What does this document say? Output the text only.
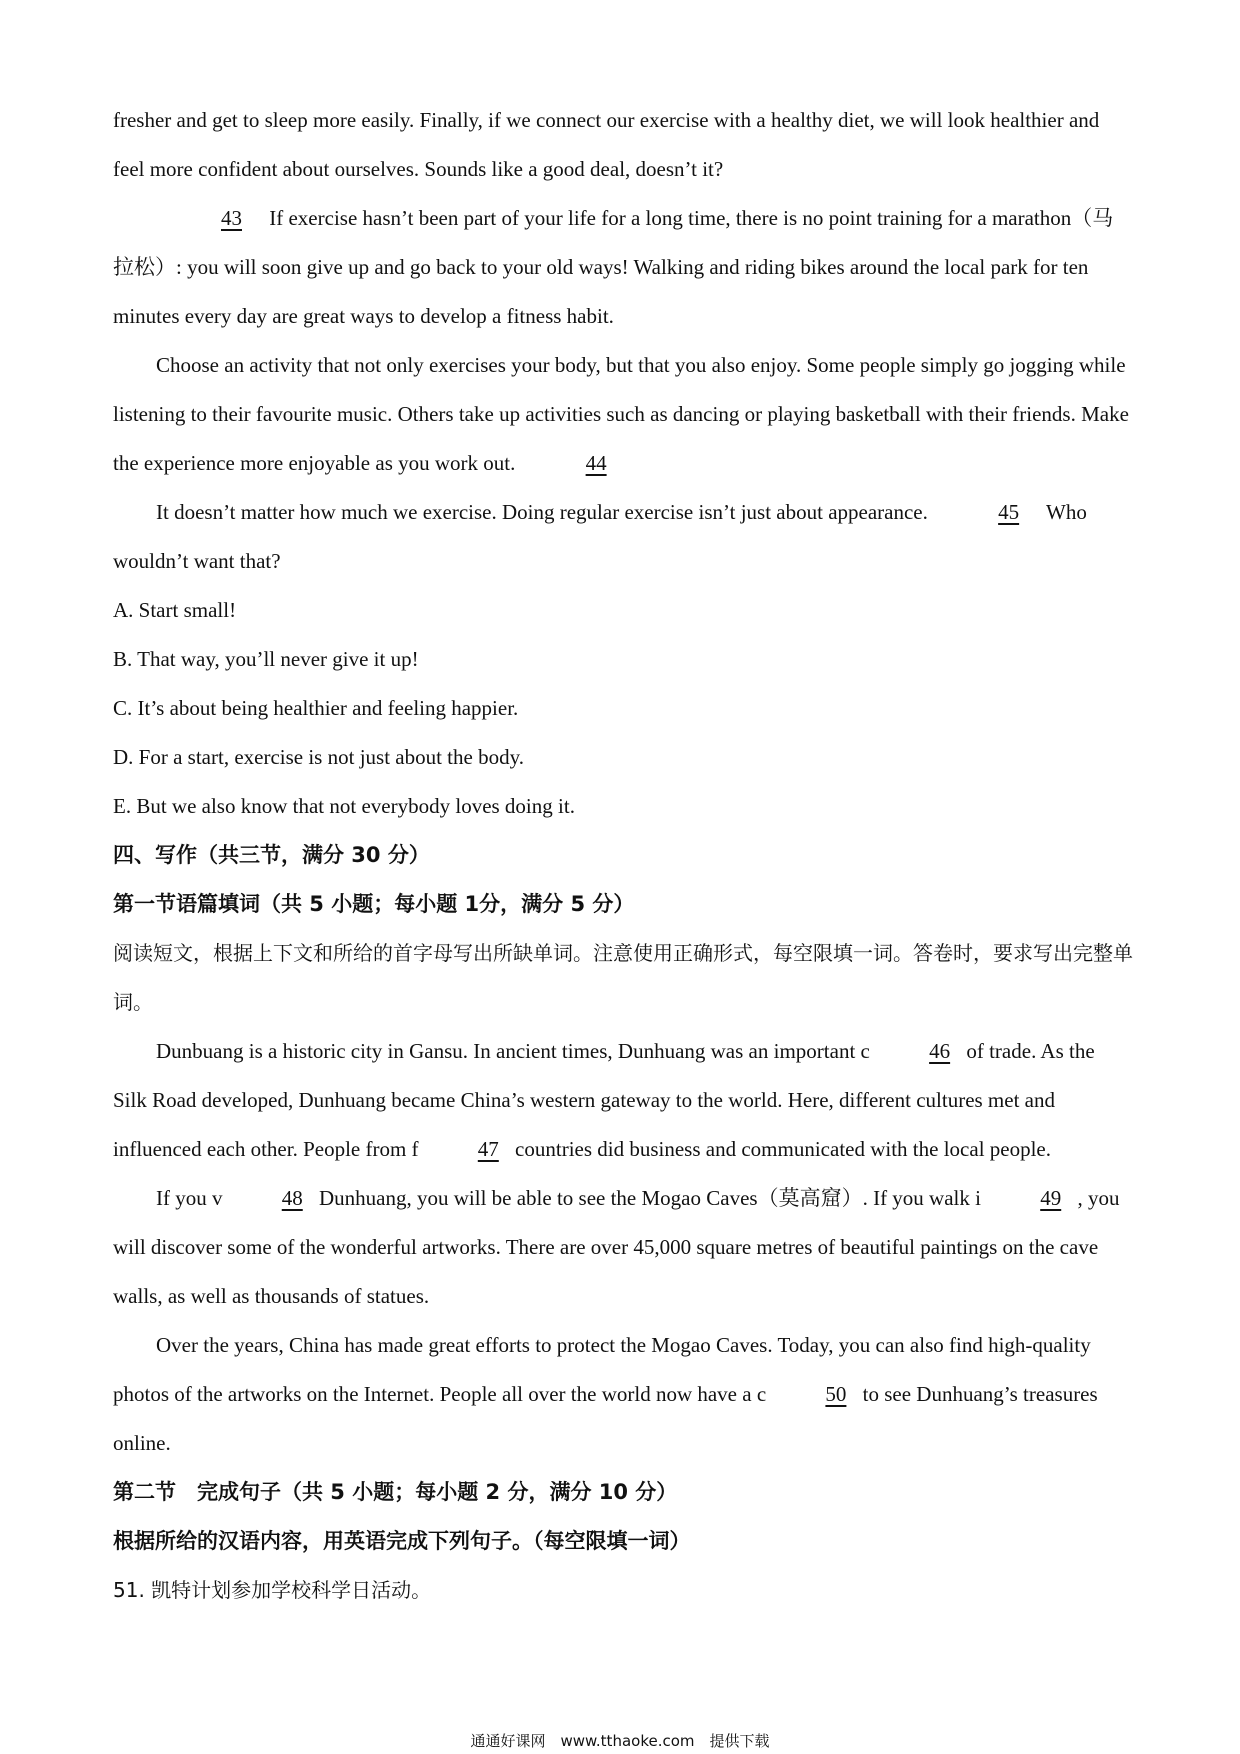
fresher and get to sleep more easily. Finally, if we connect our exercise with a healthy diet, we will look healthier and feel more confident about ourselves. Sounds like a good deal, doesn’t it?

43 If exercise hasn’t been part of your life for a long time, there is no point training for a marathon（马拉松）: you will soon give up and go back to your old ways! Walking and riding bikes around the local park for ten minutes every day are great ways to develop a fitness habit.

Choose an activity that not only exercises your body, but that you also enjoy. Some people simply go jogging while listening to their favourite music. Others take up activities such as dancing or playing basketball with their friends. Make the experience more enjoyable as you work out.	44

It doesn’t matter how much we exercise. Doing regular exercise isn’t just about appearance.	45 Who wouldn’t want that?

A. Start small!

B. That way, you’ll never give it up!

C. It’s about being healthier and feeling happier.

D. For a start, exercise is not just about the body.

E. But we also know that not everybody loves doing it.

四、写作（共三节，满分 30 分）

第一节语篇填词（共 5 小题；每小题 1分，满分 5 分）

阅读短文，根据上下文和所给的首字母写出所缺单词。注意使用正确形式，每空限填一词。答卷时，要求写出完整单词。

Dunbuang is a historic city in Gansu. In ancient times, Dunhuang was an important c	46 of trade. As the Silk Road developed, Dunhuang became China’s western gateway to the world. Here, different cultures met and influenced each other. People from f	47 countries did business and communicated with the local people.

If you v	48 Dunhuang, you will be able to see the Mogao Caves（莫高窟）. If you walk i	49 , you will discover some of the wonderful artworks. There are over 45,000 square metres of beautiful paintings on the cave walls, as well as thousands of statues.

Over the years, China has made great efforts to protect the Mogao Caves. Today, you can also find high-quality photos of the artworks on the Internet. People all over the world now have a c	50 to see Dunhuang’s treasures online.

第二节　完成句子（共 5 小题；每小题 2 分，满分 10 分）

根据所给的汉语内容，用英语完成下列句子。（每空限填一词）

51. 凯特计划参加学校科学日活动。

通通好课网　www.tthaoke.com　提供下载
